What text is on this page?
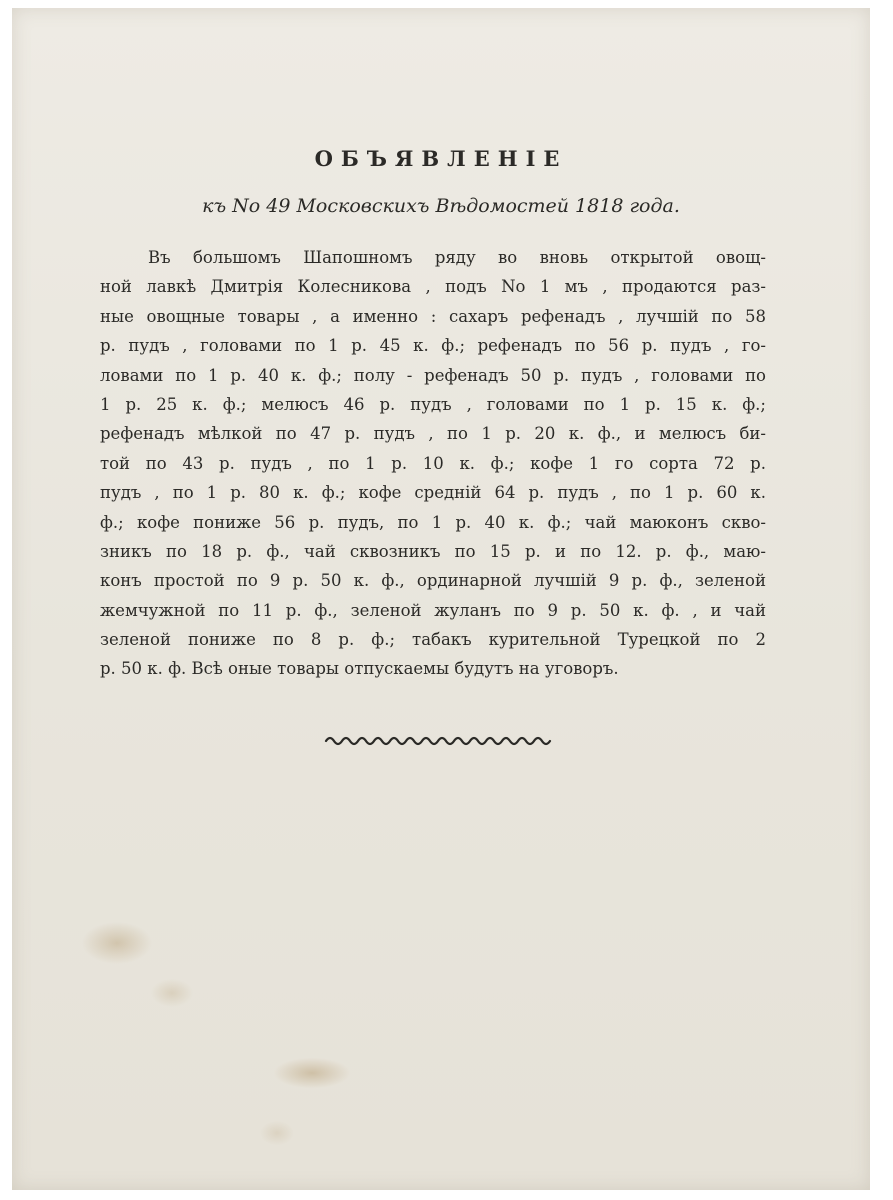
ОБЪЯВЛЕНІЕ
къ No 49 Московскихъ Вѣдомостей 1818 года.
Въ большомъ Шапошномъ ряду во вновь открытой овощ-
ной лавкѣ Дмитрія Колесникова , подъ No 1 мъ , продаются раз-
ные овощные товары , а именно : сахаръ рефенадъ , лучшій по 58
р. пудъ , головами по 1 р. 45 к. ф.; рефенадъ по 56 р. пудъ , го-
ловами по 1 р. 40 к. ф.; полу - рефенадъ 50 р. пудъ , головами по
1 р. 25 к. ф.; мелюсъ 46 р. пудъ , головами по 1 р. 15 к. ф.;
рефенадъ мѣлкой по 47 р. пудъ , по 1 р. 20 к. ф., и мелюсъ би-
той по 43 р. пудъ , по 1 р. 10 к. ф.; кофе 1 го сорта 72 р.
пудъ , по 1 р. 80 к. ф.; кофе средній 64 р. пудъ , по 1 р. 60 к.
ф.; кофе пониже 56 р. пудъ, по 1 р. 40 к. ф.; чай маюконъ скво-
зникъ по 18 р. ф., чай сквозникъ по 15 р. и по 12. р. ф., маю-
конъ простой по 9 р. 50 к. ф., ординарной лучшій 9 р. ф., зеленой
жемчужной по 11 р. ф., зеленой жуланъ по 9 р. 50 к. ф. , и чай
зеленой пониже по 8 р. ф.; табакъ курительной Турецкой по 2
р. 50 к. ф. Всѣ оные товары отпускаемы будутъ на уговоръ.
